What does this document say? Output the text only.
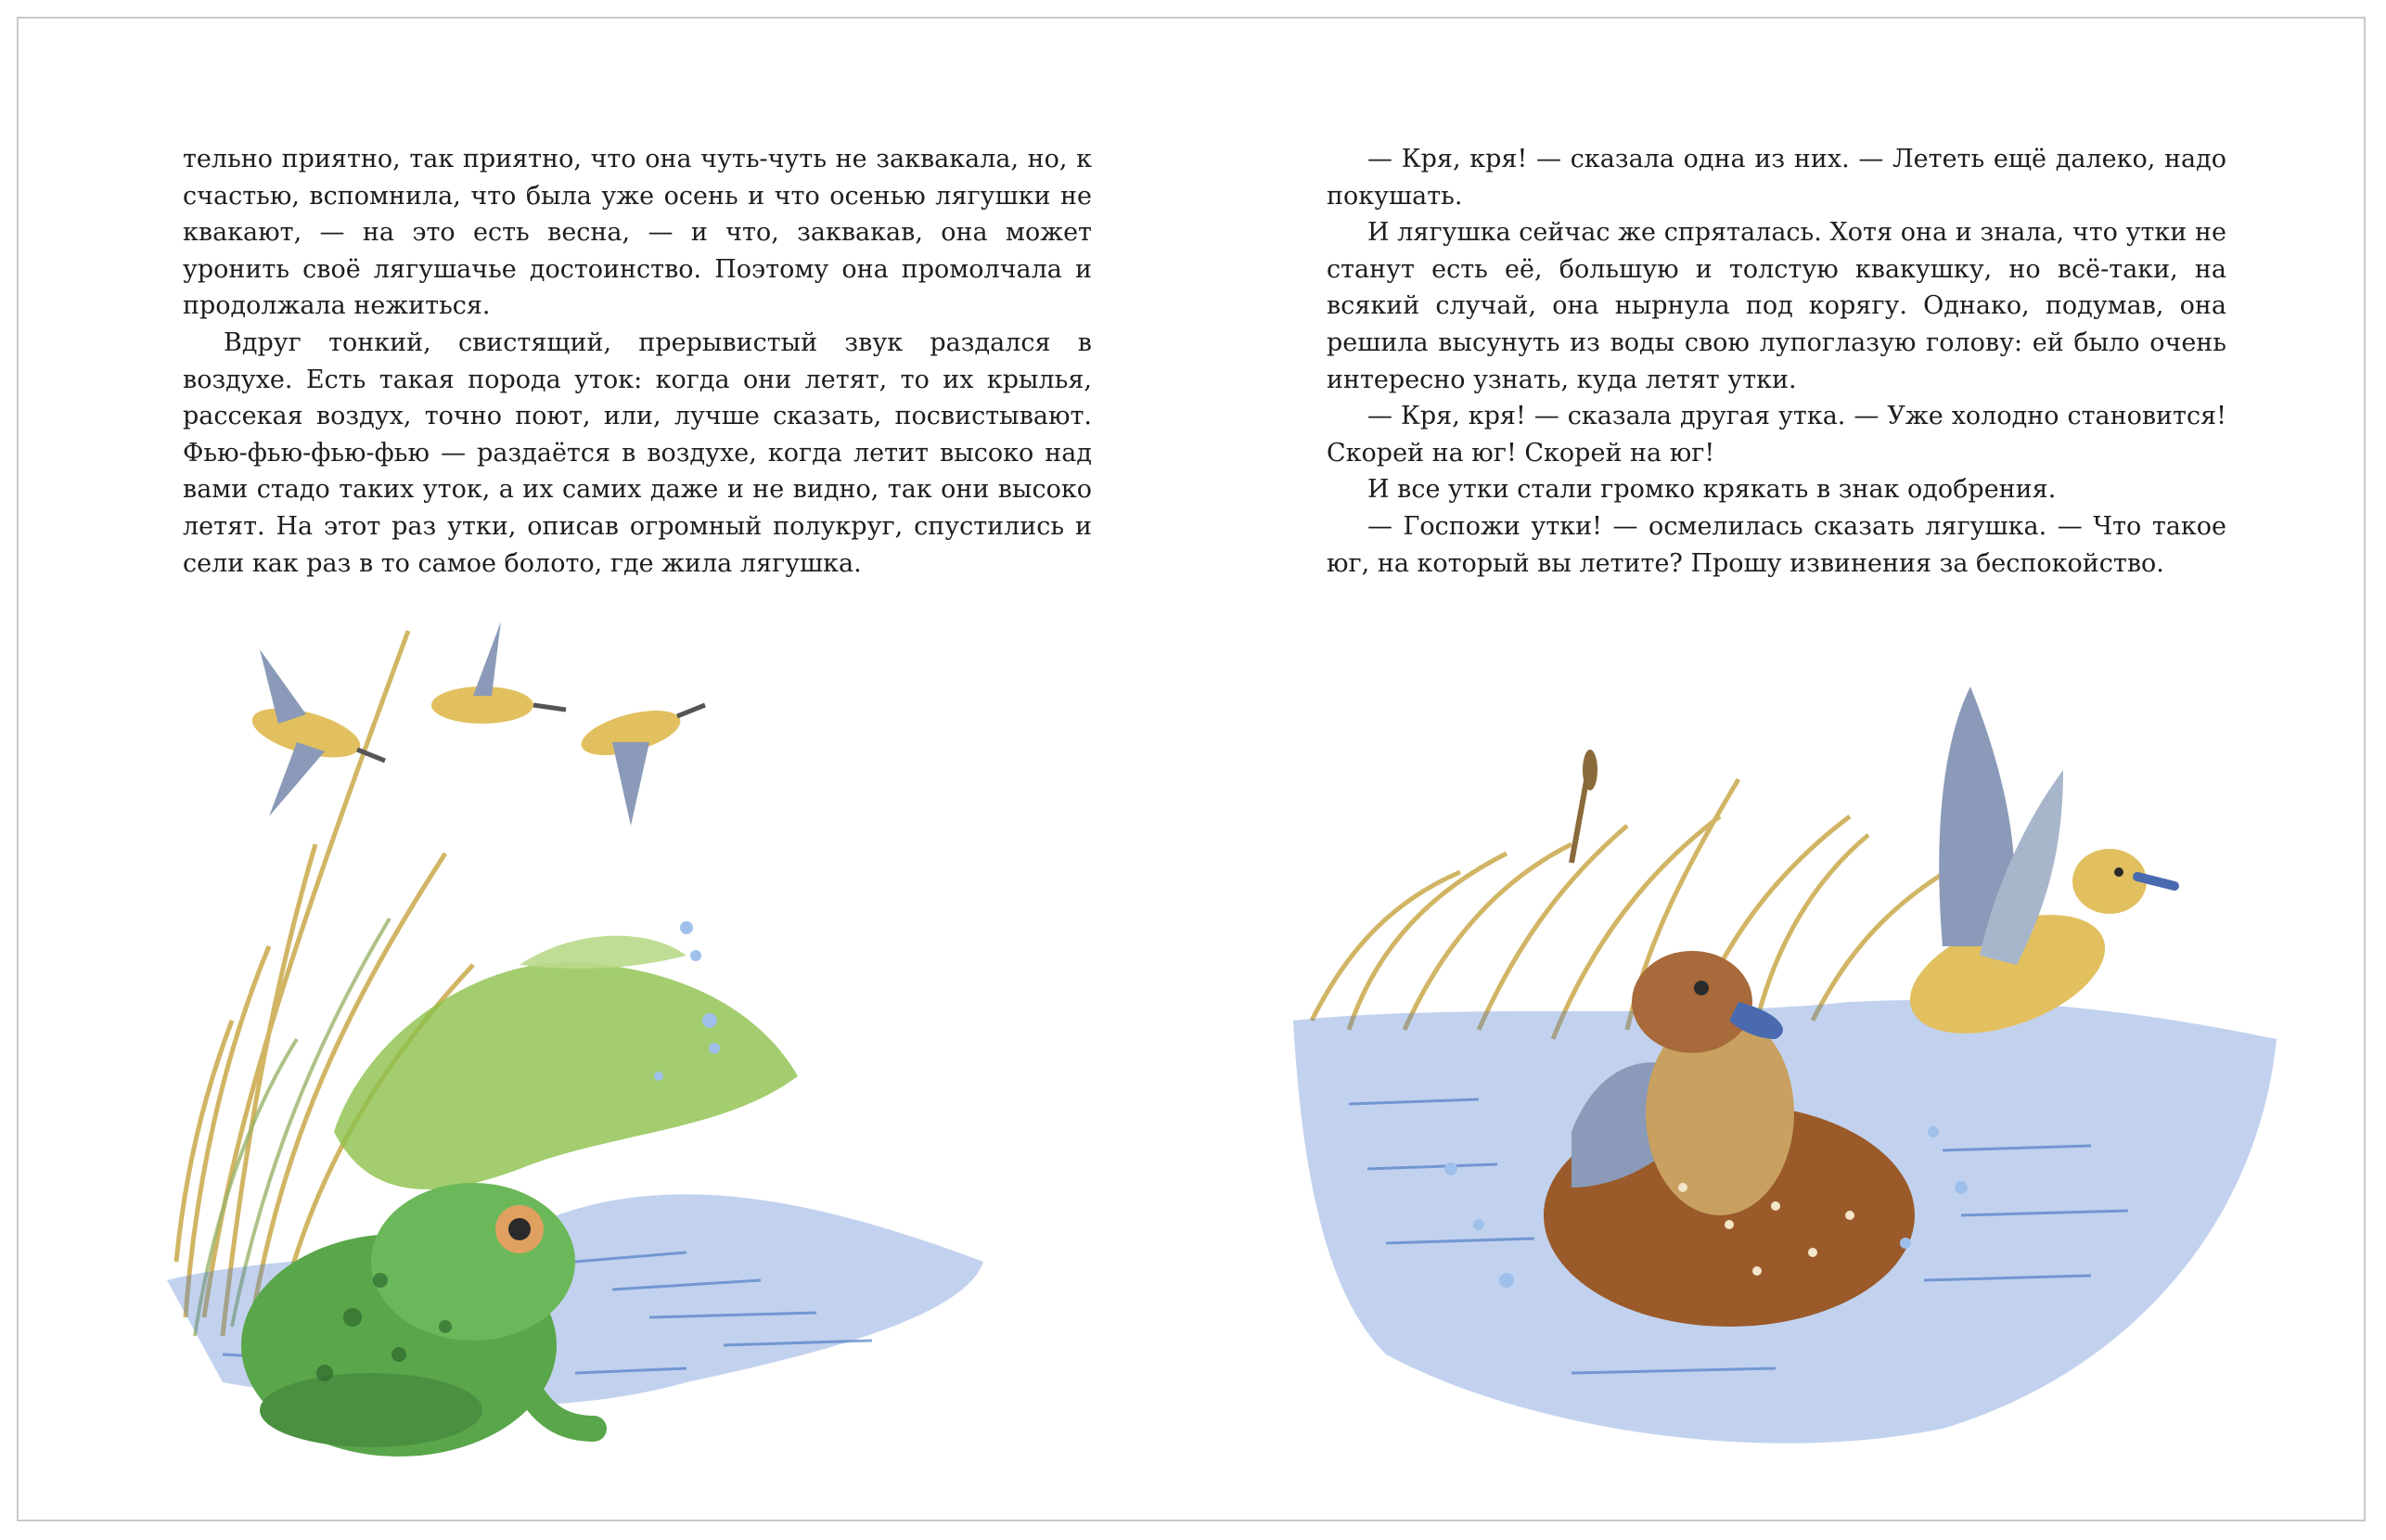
тельно приятно, так приятно, что она чуть-чуть не заквакала, но, к счастью, вспомнила, что была уже осень и что осенью лягушки не квакают, — на это есть весна, — и что, заквакав, она может уронить своё лягушачье достоинство. Поэтому она промолчала и продолжала нежиться.

Вдруг тонкий, свистящий, прерывистый звук раздался в воздухе. Есть такая порода уток: когда они летят, то их крылья, рассекая воздух, точно поют, или, лучше сказать, посвистывают. Фью-фью-фью-фью — раздаётся в воздухе, когда летит высоко над вами стадо таких уток, а их самих даже и не видно, так они высоко летят. На этот раз утки, описав огромный полукруг, спустились и сели как раз в то самое болото, где жила лягушка.

— Кря, кря! — сказала одна из них. — Лететь ещё далеко, надо покушать.

И лягушка сейчас же спряталась. Хотя она и знала, что утки не станут есть её, большую и толстую квакушку, но всё-таки, на всякий случай, она нырнула под корягу. Однако, подумав, она решила высунуть из воды свою лупоглазую голову: ей было очень интересно узнать, куда летят утки.

— Кря, кря! — сказала другая утка. — Уже холодно становится! Скорей на юг! Скорей на юг!

И все утки стали громко крякать в знак одобрения.

— Госпожи утки! — осмелилась сказать лягушка. — Что такое юг, на который вы летите? Прошу извинения за беспокойство.
